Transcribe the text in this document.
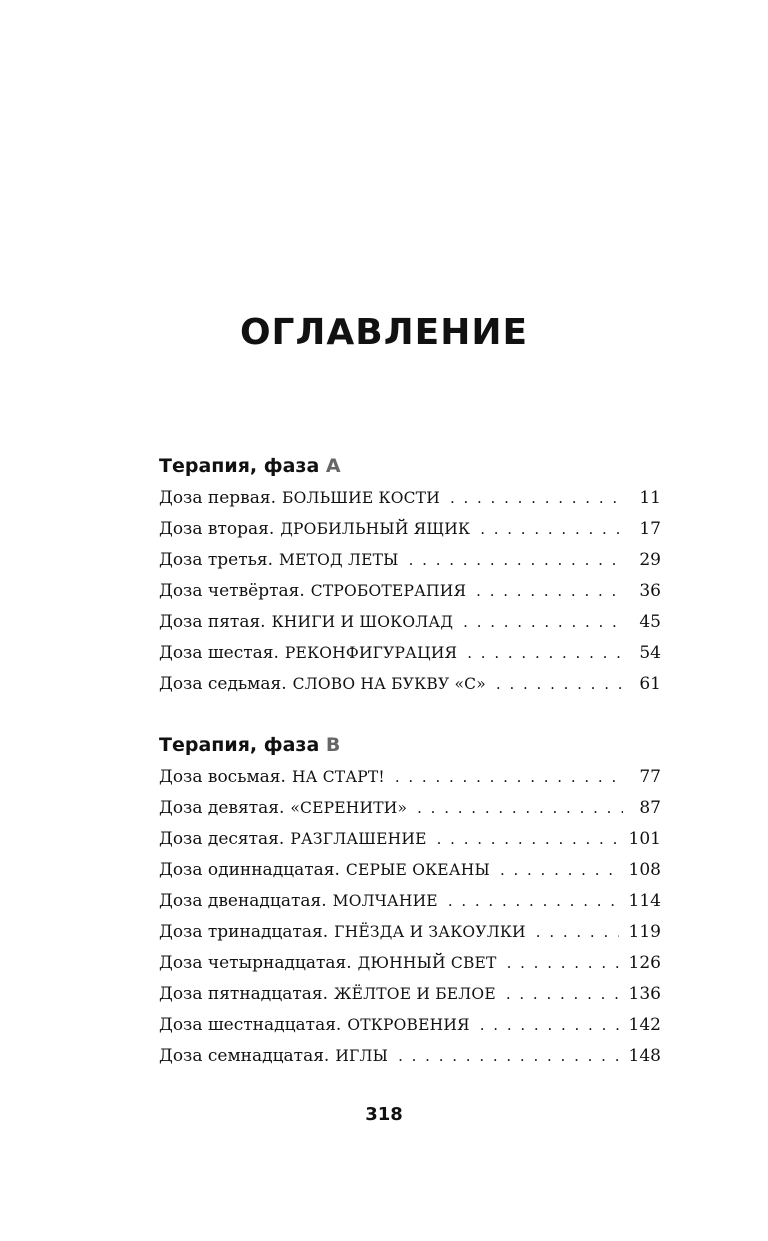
ОГЛАВЛЕНИЕ
Терапия, фаза A
Доза первая. БОЛЬШИЕ КОСТИ . . .	11
Доза вторая. ДРОБИЛЬНЫЙ ЯЩИК . . .	17
Доза третья. МЕТОД ЛЕТЫ . . .	29
Доза четвёртая. СТРОБОТЕРАПИЯ . . .	36
Доза пятая. КНИГИ И ШОКОЛАД . . .	45
Доза шестая. РЕКОНФИГУРАЦИЯ . . .	54
Доза седьмая. СЛОВО НА БУКВУ «С» . . .	61
Терапия, фаза B
Доза восьмая. НА СТАРТ! . . .	77
Доза девятая. «СЕРЕНИТИ» . . .	87
Доза десятая. РАЗГЛАШЕНИЕ . . .	101
Доза одиннадцатая. СЕРЫЕ ОКЕАНЫ . . .	108
Доза двенадцатая. МОЛЧАНИЕ . . .	114
Доза тринадцатая. ГНЁЗДА И ЗАКОУЛКИ . . .	119
Доза четырнадцатая. ДЮННЫЙ СВЕТ . . .	126
Доза пятнадцатая. ЖЁЛТОЕ И БЕЛОЕ . . .	136
Доза шестнадцатая. ОТКРОВЕНИЯ . . .	142
Доза семнадцатая. ИГЛЫ . . .	148
318
